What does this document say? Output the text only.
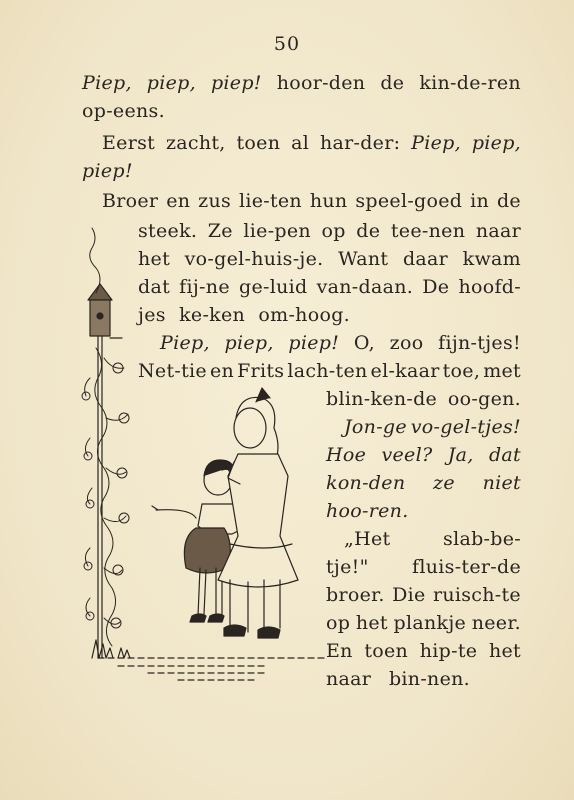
50
Piep, piep, piep! hoor-den de kin-de-ren
op-eens.
Eerst zacht, toen al har-der: Piep, piep,
piep!
Broer en zus lie-ten hun speel-goed in de
steek. Ze lie-pen op de tee-nen naar
het vo-gel-huis-je. Want daar kwam
dat fij-ne ge-luid van-daan. De hoofd-
jes ke-ken om-hoog.
Piep, piep, piep! O, zoo fijn-tjes!
Net-tie en Frits lach-ten el-kaar toe, met
blin-ken-de oo-gen.
Jon-ge vo-gel-tjes!
Hoe veel? Ja, dat
kon-den ze niet
hoo-ren.
„Het	slab-be-
tje!" fluis-ter-de
broer. Die ruisch-te
op het plankje neer.
En toen hip-te het
naar bin-nen.
